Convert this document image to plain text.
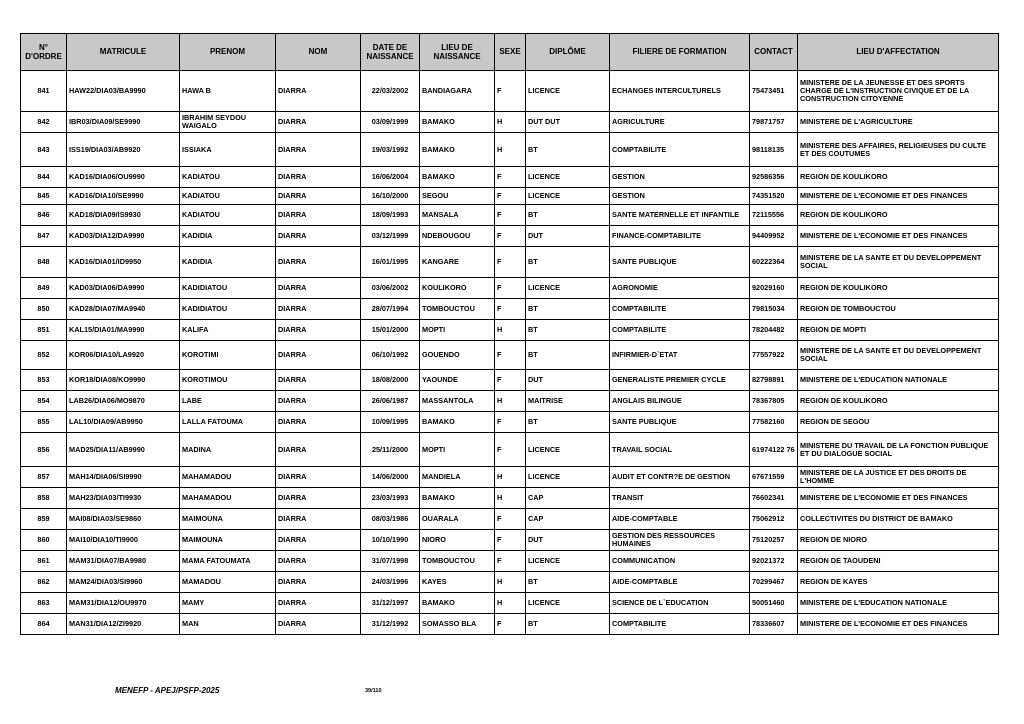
N° D'ORDRE	MATRICULE	PRENOM	NOM	DATE DE NAISSANCE	LIEU DE NAISSANCE	SEXE	DIPLÔME	FILIERE DE FORMATION	CONTACT	LIEU D'AFFECTATION
841	HAW22/DIA03/BA9990	HAWA B	DIARRA	22/03/2002	BANDIAGARA	F	LICENCE	ECHANGES INTERCULTURELS	75473451	MINISTERE DE LA JEUNESSE ET DES SPORTS CHARGE DE L'INSTRUCTION CIVIQUE ET DE LA CONSTRUCTION CITOYENNE
842	IBR03/DIA09/SE9990	IBRAHIM SEYDOU WAIGALO	DIARRA	03/09/1999	BAMAKO	H	DUT DUT	AGRICULTURE	79871757	MINISTERE DE L'AGRICULTURE
843	ISS19/DIA03/AB9920	ISSIAKA	DIARRA	19/03/1992	BAMAKO	H	BT	COMPTABILITE	98118135	MINISTERE DES AFFAIRES, RELIGIEUSES DU CULTE ET DES COUTUMES
844	KAD16/DIA06/OU9990	KADIATOU	DIARRA	16/06/2004	BAMAKO	F	LICENCE	GESTION	92586356	REGION DE KOULIKORO
845	KAD16/DIA10/SE9990	KADIATOU	DIARRA	16/10/2000	SEGOU	F	LICENCE	GESTION	74351520	MINISTERE DE L'ECONOMIE ET DES FINANCES
846	KAD18/DIA09/IS9930	KADIATOU	DIARRA	18/09/1993	MANSALA	F	BT	SANTE MATERNELLE ET INFANTILE	72115556	REGION DE KOULIKORO
847	KAD03/DIA12/DA9990	KADIDIA	DIARRA	03/12/1999	NDEBOUGOU	F	DUT	FINANCE-COMPTABILITE	94409952	MINISTERE DE L'ECONOMIE ET DES FINANCES
848	KAD16/DIA01/ID9950	KADIDIA	DIARRA	16/01/1995	KANGARE	F	BT	SANTE PUBLIQUE	60222364	MINISTERE DE LA SANTE ET DU DEVELOPPEMENT SOCIAL
849	KAD03/DIA06/DA9990	KADIDIATOU	DIARRA	03/06/2002	KOULIKORO	F	LICENCE	AGRONOMIE	92029160	REGION DE KOULIKORO
850	KAD28/DIA07/MA9940	KADIDIATOU	DIARRA	28/07/1994	TOMBOUCTOU	F	BT	COMPTABILITE	79815034	REGION DE TOMBOUCTOU
851	KAL15/DIA01/MA9990	KALIFA	DIARRA	15/01/2000	MOPTI	H	BT	COMPTABILITE	78204482	REGION DE MOPTI
852	KOR06/DIA10/LA9920	KOROTIMI	DIARRA	06/10/1992	GOUENDO	F	BT	INFIRMIER-D`ETAT	77557922	MINISTERE DE LA SANTE ET DU DEVELOPPEMENT SOCIAL
853	KOR18/DIA08/KO9990	KOROTIMOU	DIARRA	18/08/2000	YAOUNDE	F	DUT	GENERALISTE PREMIER CYCLE	82798891	MINISTERE DE L'EDUCATION NATIONALE
854	LAB26/DIA06/MO9870	LABE	DIARRA	26/06/1987	MASSANTOLA	H	MAITRISE	ANGLAIS BILINGUE	78367805	REGION DE KOULIKORO
855	LAL10/DIA09/AB9950	LALLA FATOUMA	DIARRA	10/09/1995	BAMAKO	F	BT	SANTE PUBLIQUE	77582160	REGION DE SEGOU
856	MAD25/DIA11/AB9990	MADINA	DIARRA	25/11/2000	MOPTI	F	LICENCE	TRAVAIL SOCIAL	61974122 76	MINISTERE DU TRAVAIL DE LA FONCTION PUBLIQUE ET DU DIALOGUE SOCIAL
857	MAH14/DIA06/SI9990	MAHAMADOU	DIARRA	14/06/2000	MANDIELA	H	LICENCE	AUDIT ET CONTR?E DE GESTION	67671559	MINISTERE DE LA JUSTICE ET DES DROITS DE L'HOMME
858	MAH23/DIA03/TI9930	MAHAMADOU	DIARRA	23/03/1993	BAMAKO	H	CAP	TRANSIT	76602341	MINISTERE DE L'ECONOMIE ET DES FINANCES
859	MAI08/DIA03/SE9860	MAIMOUNA	DIARRA	08/03/1986	OUARALA	F	CAP	AIDE-COMPTABLE	75062912	COLLECTIVITES DU DISTRICT DE BAMAKO
860	MAI10/DIA10/TI9900	MAIMOUNA	DIARRA	10/10/1990	NIORO	F	DUT	GESTION DES RESSOURCES HUMAINES	75120257	REGION DE NIORO
861	MAM31/DIA07/BA9980	MAMA FATOUMATA	DIARRA	31/07/1998	TOMBOUCTOU	F	LICENCE	COMMUNICATION	92021372	REGION DE TAOUDENI
862	MAM24/DIA03/SI9960	MAMADOU	DIARRA	24/03/1996	KAYES	H	BT	AIDE-COMPTABLE	70299467	REGION DE KAYES
863	MAM31/DIA12/OU9970	MAMY	DIARRA	31/12/1997	BAMAKO	H	LICENCE	SCIENCE DE L`EDUCATION	50051460	MINISTERE DE L'EDUCATION NATIONALE
864	MAN31/DIA12/ZI9920	MAN	DIARRA	31/12/1992	SOMASSO BLA	F	BT	COMPTABILITE	78336607	MINISTERE DE L'ECONOMIE ET DES FINANCES
MENEFP - APEJ/PSFP-2025	39/110
